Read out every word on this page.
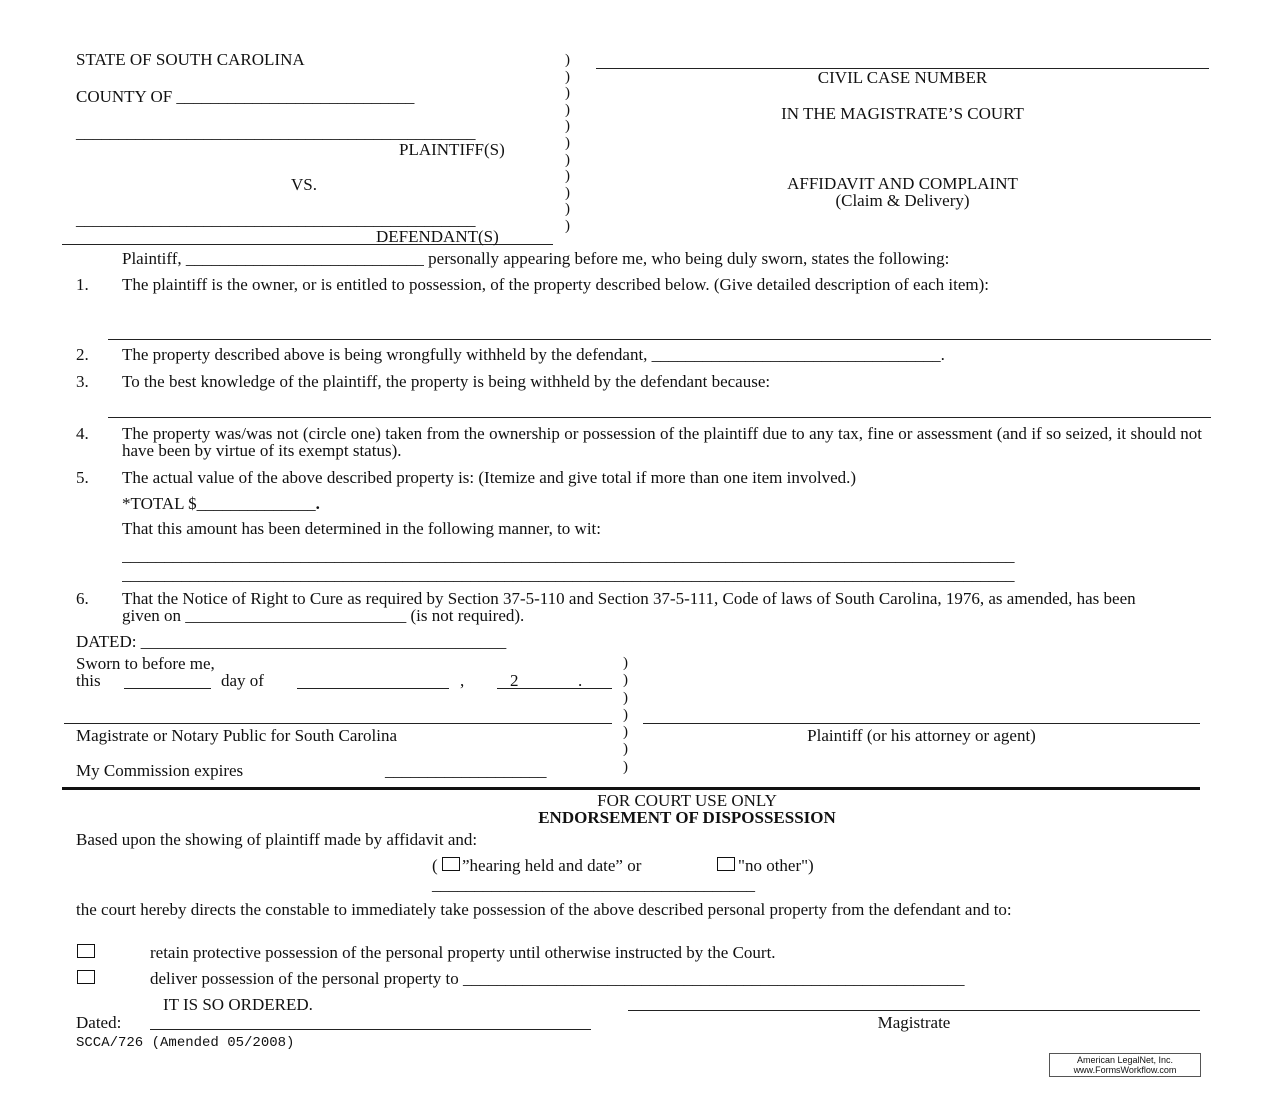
STATE OF SOUTH CAROLINA
COUNTY OF ____________________________
_______________________________________________
PLAINTIFF(S)
VS.
_______________________________________________
DEFENDANT(S)
)
)
)
)
)
)
)
)
)
)
)
CIVIL CASE NUMBER
IN THE MAGISTRATE’S COURT
AFFIDAVIT AND COMPLAINT
(Claim & Delivery)
Plaintiff, ____________________________ personally appearing before me, who being duly sworn, states the following:
1. The plaintiff is the owner, or is entitled to possession, of the property described below. (Give detailed description of each item):
2. The property described above is being wrongfully withheld by the defendant, __________________________________.
3. To the best knowledge of the plaintiff, the property is being withheld by the defendant because:
4. The property was/was not (circle one) taken from the ownership or possession of the plaintiff due to any tax, fine or assessment (and if so seized, it should not have been by virtue of its exempt status).
5. The actual value of the above described property is: (Itemize and give total if more than one item involved.)
*TOTAL $______________.
That this amount has been determined in the following manner, to wit:
_________________________________________________________________________________________________________
_________________________________________________________________________________________________________
6. That the Notice of Right to Cure as required by Section 37-5-110 and Section 37-5-111, Code of laws of South Carolina, 1976, as amended, has been given on __________________________ (is not required).
DATED: ___________________________________________
Sworn to before me,
this	day of	,	2	.
)
)
)
)
)
)
)
Magistrate or Notary Public for South Carolina	Plaintiff (or his attorney or agent)
My Commission expires	___________________
FOR COURT USE ONLY
ENDORSEMENT OF DISPOSSESSION
Based upon the showing of plaintiff made by affidavit and:
( ”hearing held and date” or	"no other")
______________________________________
the court hereby directs the constable to immediately take possession of the above described personal property from the defendant and to:
retain protective possession of the personal property until otherwise instructed by the Court.
deliver possession of the personal property to ___________________________________________________________
IT IS SO ORDERED.
Dated:	Magistrate
SCCA/726 (Amended 05/2008)
American LegalNet, Inc.
www.FormsWorkflow.com
